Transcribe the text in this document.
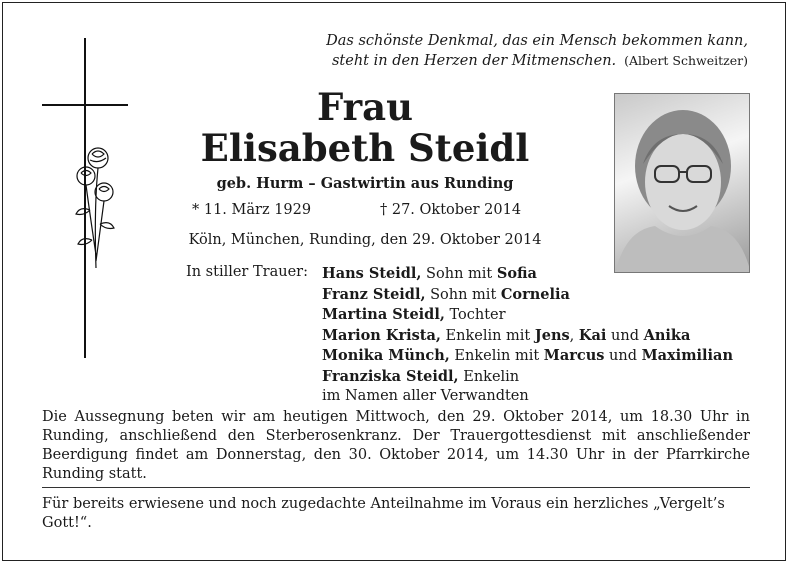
Das schönste Denkmal, das ein Mensch bekommen kann,
steht in den Herzen der Mitmenschen. (Albert Schweitzer)
Frau
Elisabeth Steidl
geb. Hurm – Gastwirtin aus Runding
* 11. März 1929	† 27. Oktober 2014
Köln, München, Runding, den 29. Oktober 2014
In stiller Trauer: Hans Steidl, Sohn mit Sofia
Franz Steidl, Sohn mit Cornelia
Martina Steidl, Tochter
Marion Krista, Enkelin mit Jens, Kai und Anika
Monika Münch, Enkelin mit Marcus und Maximilian
Franziska Steidl, Enkelin
im Namen aller Verwandten
Die Aussegnung beten wir am heutigen Mittwoch, den 29. Oktober 2014, um 18.30 Uhr in Runding, anschließend den Sterberosenkranz. Der Trauergottesdienst mit anschließender Beerdigung findet am Donnerstag, den 30. Oktober 2014, um 14.30 Uhr in der Pfarrkirche Runding statt.
Für bereits erwiesene und noch zugedachte Anteilnahme im Voraus ein herzliches „Vergelt’s Gott!“.
